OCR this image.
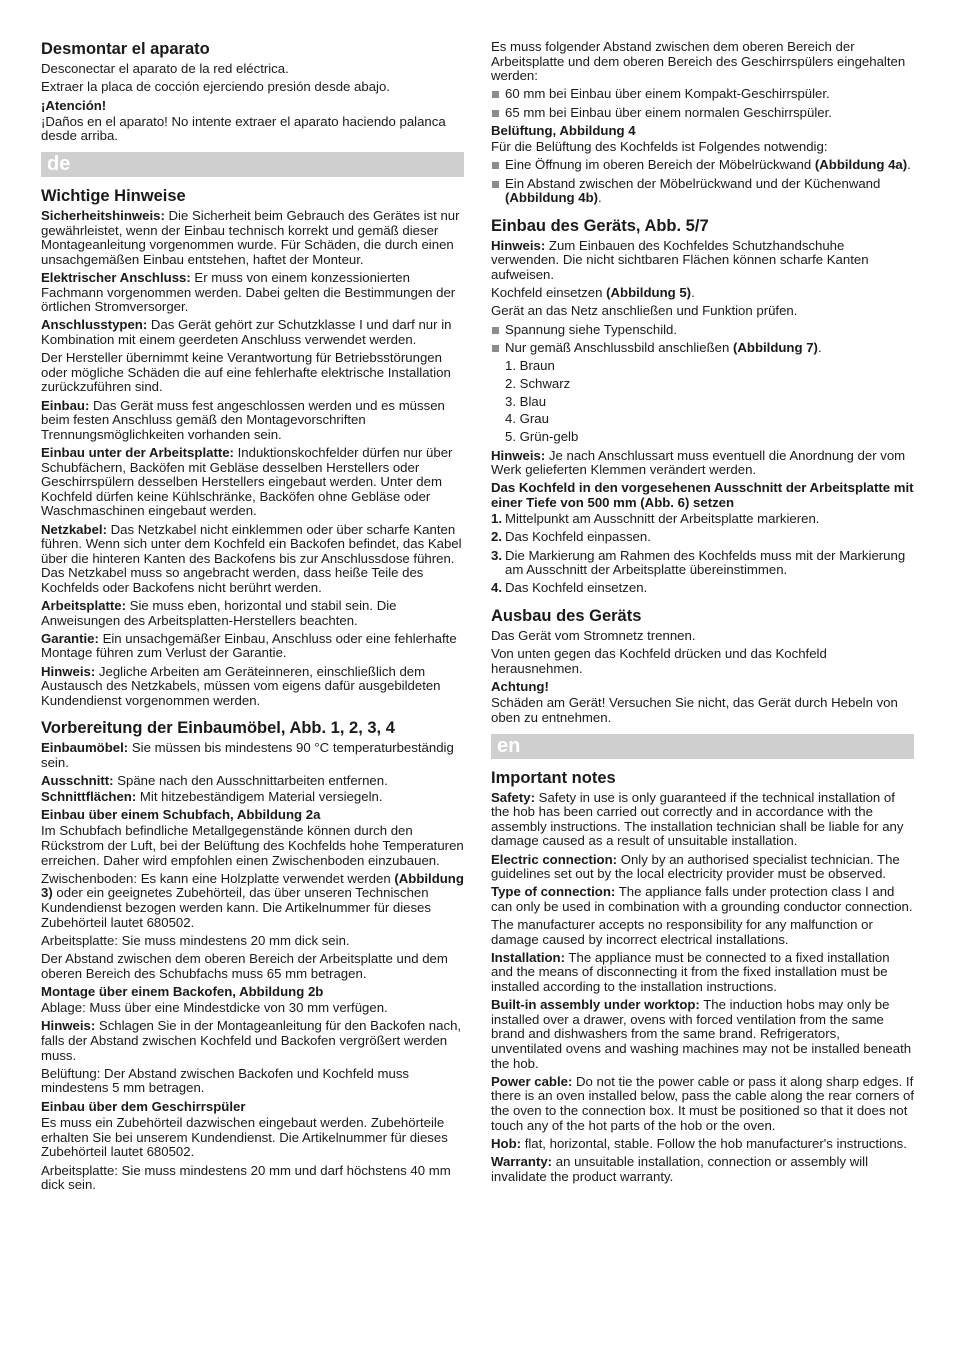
Desmontar el aparato
Desconectar el aparato de la red eléctrica.
Extraer la placa de cocción ejerciendo presión desde abajo.
¡Atención!
¡Daños en el aparato! No intente extraer el aparato haciendo palanca desde arriba.
de
Wichtige Hinweise
Sicherheitshinweis: Die Sicherheit beim Gebrauch des Gerätes ist nur gewährleistet, wenn der Einbau technisch korrekt und gemäß dieser Montageanleitung vorgenommen wurde. Für Schäden, die durch einen unsachgemäßen Einbau entstehen, haftet der Monteur.
Elektrischer Anschluss: Er muss von einem konzessionierten Fachmann vorgenommen werden. Dabei gelten die Bestimmungen der örtlichen Stromversorger.
Anschlusstypen: Das Gerät gehört zur Schutzklasse I und darf nur in Kombination mit einem geerdeten Anschluss verwendet werden.
Der Hersteller übernimmt keine Verantwortung für Betriebsstörungen oder mögliche Schäden die auf eine fehlerhafte elektrische Installation zurückzuführen sind.
Einbau: Das Gerät muss fest angeschlossen werden und es müssen beim festen Anschluss gemäß den Montagevorschriften Trennungsmöglichkeiten vorhanden sein.
Einbau unter der Arbeitsplatte: Induktionskochfelder dürfen nur über Schubfächern, Backöfen mit Gebläse desselben Herstellers oder Geschirrspülern desselben Herstellers eingebaut werden. Unter dem Kochfeld dürfen keine Kühlschränke, Backöfen ohne Gebläse oder Waschmaschinen eingebaut werden.
Netzkabel: Das Netzkabel nicht einklemmen oder über scharfe Kanten führen. Wenn sich unter dem Kochfeld ein Backofen befindet, das Kabel über die hinteren Kanten des Backofens bis zur Anschlussdose führen. Das Netzkabel muss so angebracht werden, dass heiße Teile des Kochfelds oder Backofens nicht berührt werden.
Arbeitsplatte: Sie muss eben, horizontal und stabil sein. Die Anweisungen des Arbeitsplatten-Herstellers beachten.
Garantie: Ein unsachgemäßer Einbau, Anschluss oder eine fehlerhafte Montage führen zum Verlust der Garantie.
Hinweis: Jegliche Arbeiten am Geräteinneren, einschließlich dem Austausch des Netzkabels, müssen vom eigens dafür ausgebildeten Kundendienst vorgenommen werden.
Vorbereitung der Einbaumöbel, Abb. 1, 2, 3, 4
Einbaumöbel: Sie müssen bis mindestens 90 °C temperaturbeständig sein.
Ausschnitt: Späne nach den Ausschnittarbeiten entfernen.
Schnittflächen: Mit hitzebeständigem Material versiegeln.
Einbau über einem Schubfach, Abbildung 2a
Im Schubfach befindliche Metallgegenstände können durch den Rückstrom der Luft, bei der Belüftung des Kochfelds hohe Temperaturen erreichen. Daher wird empfohlen einen Zwischenboden einzubauen.
Zwischenboden: Es kann eine Holzplatte verwendet werden (Abbildung 3) oder ein geeignetes Zubehörteil, das über unseren Technischen Kundendienst bezogen werden kann. Die Artikelnummer für dieses Zubehörteil lautet 680502.
Arbeitsplatte: Sie muss mindestens 20 mm dick sein.
Der Abstand zwischen dem oberen Bereich der Arbeitsplatte und dem oberen Bereich des Schubfachs muss 65 mm betragen.
Montage über einem Backofen, Abbildung 2b
Ablage: Muss über eine Mindestdicke von 30 mm verfügen.
Hinweis: Schlagen Sie in der Montageanleitung für den Backofen nach, falls der Abstand zwischen Kochfeld und Backofen vergrößert werden muss.
Belüftung: Der Abstand zwischen Backofen und Kochfeld muss mindestens 5 mm betragen.
Einbau über dem Geschirrspüler
Es muss ein Zubehörteil dazwischen eingebaut werden. Zubehörteile erhalten Sie bei unserem Kundendienst. Die Artikelnummer für dieses Zubehörteil lautet 680502.
Arbeitsplatte: Sie muss mindestens 20 mm und darf höchstens 40 mm dick sein.
Es muss folgender Abstand zwischen dem oberen Bereich der Arbeitsplatte und dem oberen Bereich des Geschirrspülers eingehalten werden:
60 mm bei Einbau über einem Kompakt-Geschirrspüler.
65 mm bei Einbau über einem normalen Geschirrspüler.
Belüftung, Abbildung 4
Für die Belüftung des Kochfelds ist Folgendes notwendig:
Eine Öffnung im oberen Bereich der Möbelrückwand (Abbildung 4a).
Ein Abstand zwischen der Möbelrückwand und der Küchenwand (Abbildung 4b).
Einbau des Geräts, Abb. 5/7
Hinweis: Zum Einbauen des Kochfeldes Schutzhandschuhe verwenden. Die nicht sichtbaren Flächen können scharfe Kanten aufweisen.
Kochfeld einsetzen (Abbildung 5).
Gerät an das Netz anschließen und Funktion prüfen.
Spannung siehe Typenschild.
Nur gemäß Anschlussbild anschließen (Abbildung 7).
1. Braun
2. Schwarz
3. Blau
4. Grau
5. Grün-gelb
Hinweis: Je nach Anschlussart muss eventuell die Anordnung der vom Werk gelieferten Klemmen verändert werden.
Das Kochfeld in den vorgesehenen Ausschnitt der Arbeitsplatte mit einer Tiefe von 500 mm (Abb. 6) setzen
1. Mittelpunkt am Ausschnitt der Arbeitsplatte markieren.
2. Das Kochfeld einpassen.
3. Die Markierung am Rahmen des Kochfelds muss mit der Markierung am Ausschnitt der Arbeitsplatte übereinstimmen.
4. Das Kochfeld einsetzen.
Ausbau des Geräts
Das Gerät vom Stromnetz trennen.
Von unten gegen das Kochfeld drücken und das Kochfeld herausnehmen.
Achtung!
Schäden am Gerät! Versuchen Sie nicht, das Gerät durch Hebeln von oben zu entnehmen.
en
Important notes
Safety: Safety in use is only guaranteed if the technical installation of the hob has been carried out correctly and in accordance with the assembly instructions. The installation technician shall be liable for any damage caused as a result of unsuitable installation.
Electric connection: Only by an authorised specialist technician. The guidelines set out by the local electricity provider must be observed.
Type of connection: The appliance falls under protection class I and can only be used in combination with a grounding conductor connection.
The manufacturer accepts no responsibility for any malfunction or damage caused by incorrect electrical installations.
Installation: The appliance must be connected to a fixed installation and the means of disconnecting it from the fixed installation must be installed according to the installation instructions.
Built-in assembly under worktop: The induction hobs may only be installed over a drawer, ovens with forced ventilation from the same brand and dishwashers from the same brand. Refrigerators, unventilated ovens and washing machines may not be installed beneath the hob.
Power cable: Do not tie the power cable or pass it along sharp edges. If there is an oven installed below, pass the cable along the rear corners of the oven to the connection box. It must be positioned so that it does not touch any of the hot parts of the hob or the oven.
Hob: flat, horizontal, stable. Follow the hob manufacturer's instructions.
Warranty: an unsuitable installation, connection or assembly will invalidate the product warranty.
